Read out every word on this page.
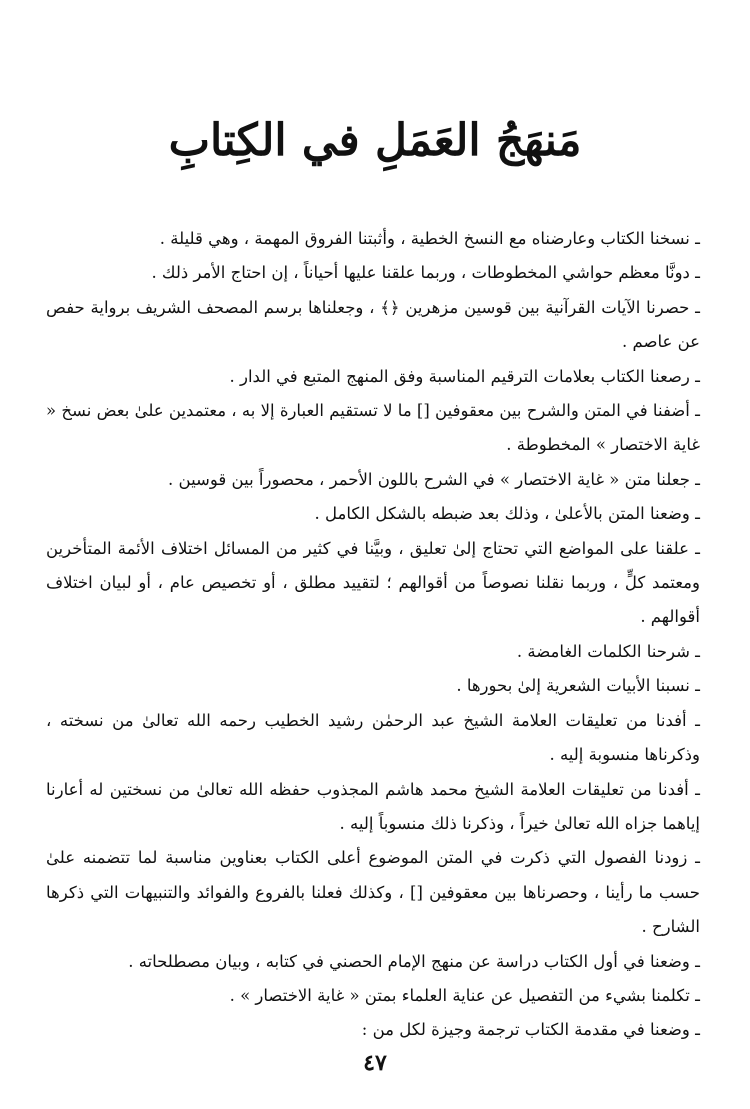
مَنهَجُ العَمَلِ في الكِتابِ

ـ نسخنا الكتاب وعارضناه مع النسخ الخطية ، وأثبتنا الفروق المهمة ، وهي قليلة .

ـ دونَّا معظم حواشي المخطوطات ، وربما علقنا عليها أحياناً ، إن احتاج الأمر ذلك .

ـ حصرنا الآيات القرآنية بين قوسين مزهرين ﴿﴾ ، وجعلناها برسم المصحف الشريف برواية حفص عن عاصم .

ـ رصعنا الكتاب بعلامات الترقيم المناسبة وفق المنهج المتبع في الدار .

ـ أضفنا في المتن والشرح بين معقوفين [] ما لا تستقيم العبارة إلا به ، معتمدين علىٰ بعض نسخ « غاية الاختصار » المخطوطة .

ـ جعلنا متن « غاية الاختصار » في الشرح باللون الأحمر ، محصوراً بين قوسين .

ـ وضعنا المتن بالأعلىٰ ، وذلك بعد ضبطه بالشكل الكامل .

ـ علقنا على المواضع التي تحتاج إلىٰ تعليق ، وبيَّنا في كثير من المسائل اختلاف الأئمة المتأخرين ومعتمد كلٍّ ، وربما نقلنا نصوصاً من أقوالهم ؛ لتقييد مطلق ، أو تخصيص عام ، أو لبيان اختلاف أقوالهم .

ـ شرحنا الكلمات الغامضة .

ـ نسبنا الأبيات الشعرية إلىٰ بحورها .

ـ أفدنا من تعليقات العلامة الشيخ عبد الرحمٰن رشيد الخطيب رحمه الله تعالىٰ من نسخته ، وذكرناها منسوبة إليه .

ـ أفدنا من تعليقات العلامة الشيخ محمد هاشم المجذوب حفظه الله تعالىٰ من نسختين له أعارنا إياهما جزاه الله تعالىٰ خيراً ، وذكرنا ذلك منسوباً إليه .

ـ زودنا الفصول التي ذكرت في المتن الموضوع أعلى الكتاب بعناوين مناسبة لما تتضمنه علىٰ حسب ما رأينا ، وحصرناها بين معقوفين [] ، وكذلك فعلنا بالفروع والفوائد والتنبيهات التي ذكرها الشارح .

ـ وضعنا في أول الكتاب دراسة عن منهج الإمام الحصني في كتابه ، وبيان مصطلحاته .

ـ تكلمنا بشيء من التفصيل عن عناية العلماء بمتن « غاية الاختصار » .

ـ وضعنا في مقدمة الكتاب ترجمة وجيزة لكل من :

٤٧
